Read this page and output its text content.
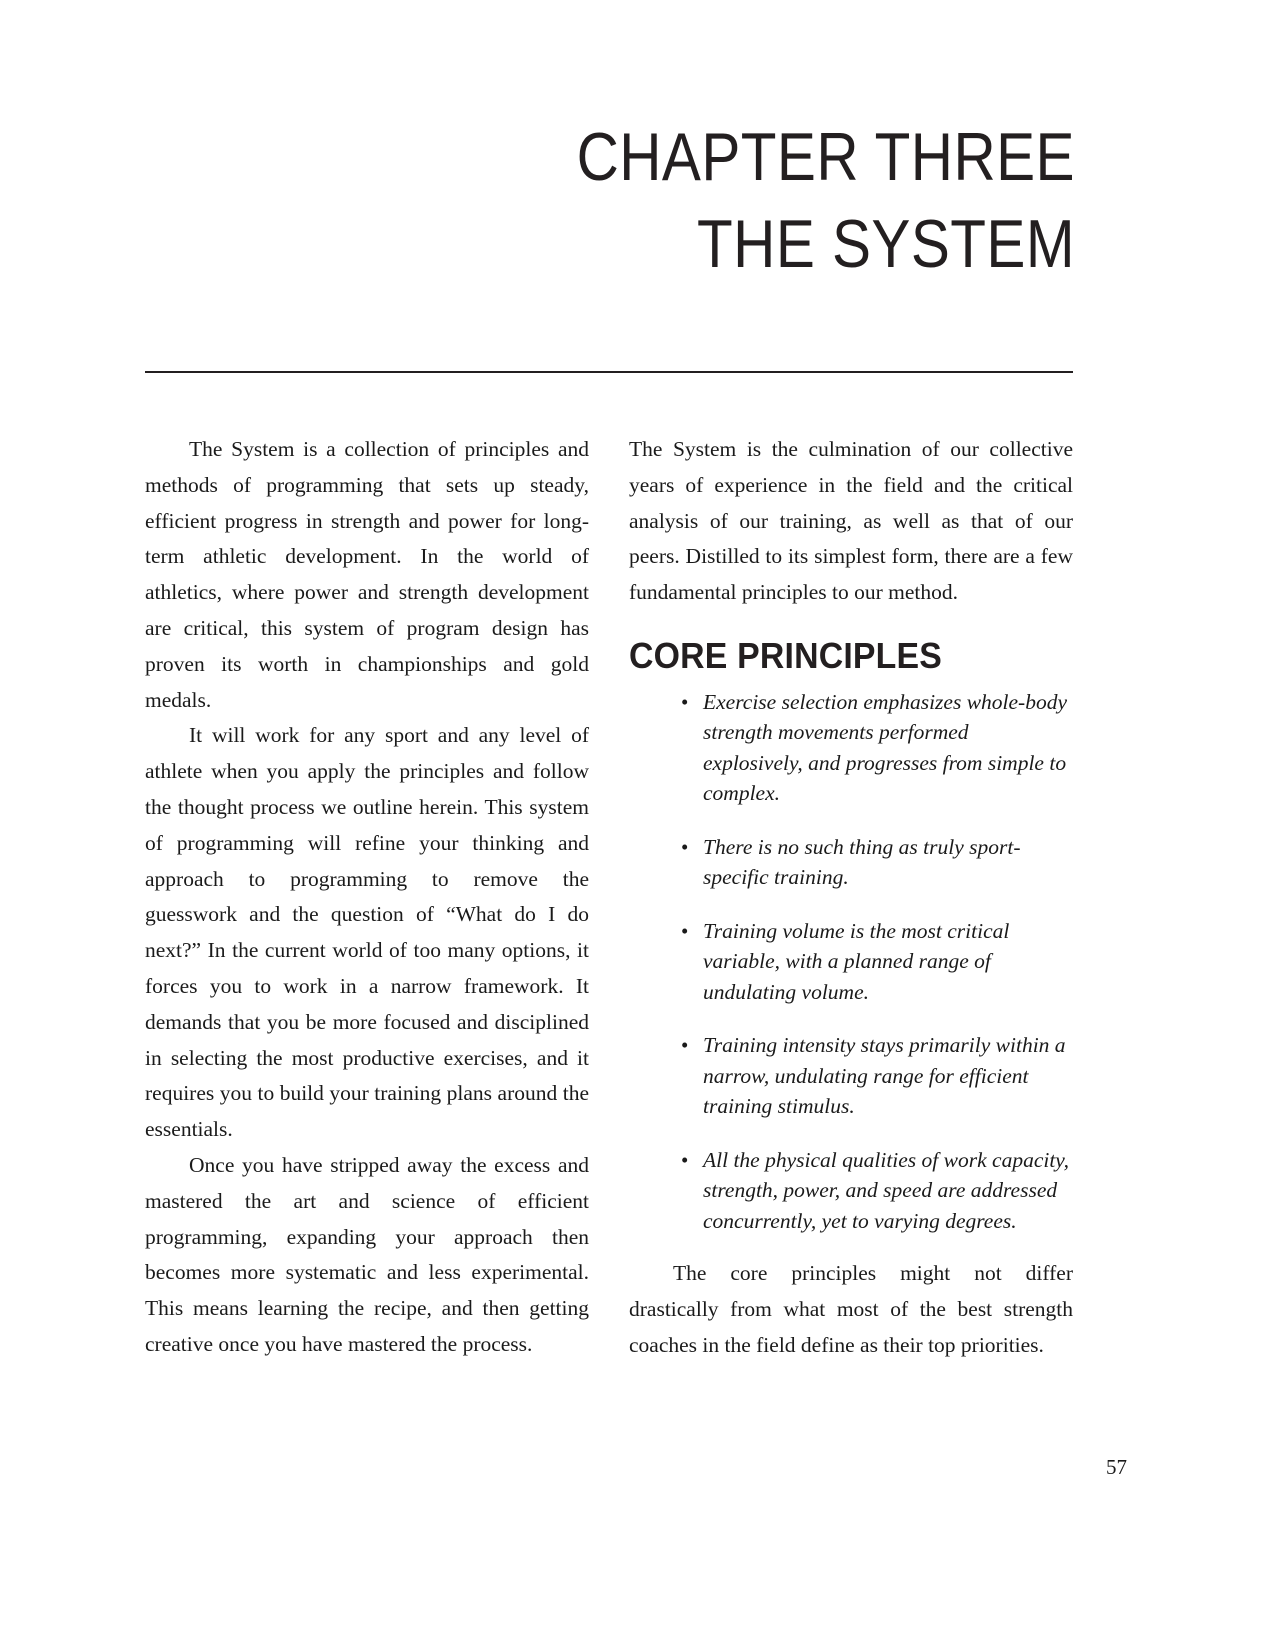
CHAPTER THREE
THE SYSTEM

The System is a collection of principles and methods of programming that sets up steady, efficient progress in strength and power for long-term athletic development. In the world of athletics, where power and strength development are critical, this system of program design has proven its worth in championships and gold medals.

It will work for any sport and any level of athlete when you apply the principles and follow the thought process we outline herein. This system of programming will refine your thinking and approach to programming to remove the guesswork and the question of “What do I do next?” In the current world of too many options, it forces you to work in a narrow framework. It demands that you be more focused and disciplined in selecting the most productive exercises, and it requires you to build your training plans around the essentials.

Once you have stripped away the excess and mastered the art and science of efficient programming, expanding your approach then becomes more systematic and less experimental. This means learning the recipe, and then getting creative once you have mastered the process.

The System is the culmination of our collective years of experience in the field and the critical analysis of our training, as well as that of our peers. Distilled to its simplest form, there are a few fundamental principles to our method.

CORE PRINCIPLES
• Exercise selection emphasizes whole-body strength movements performed explosively, and progresses from simple to complex.
• There is no such thing as truly sport-specific training.
• Training volume is the most critical variable, with a planned range of undulating volume.
• Training intensity stays primarily within a narrow, undulating range for efficient training stimulus.
• All the physical qualities of work capacity, strength, power, and speed are addressed concurrently, yet to varying degrees.

The core principles might not differ drastically from what most of the best strength coaches in the field define as their top priorities.

57
